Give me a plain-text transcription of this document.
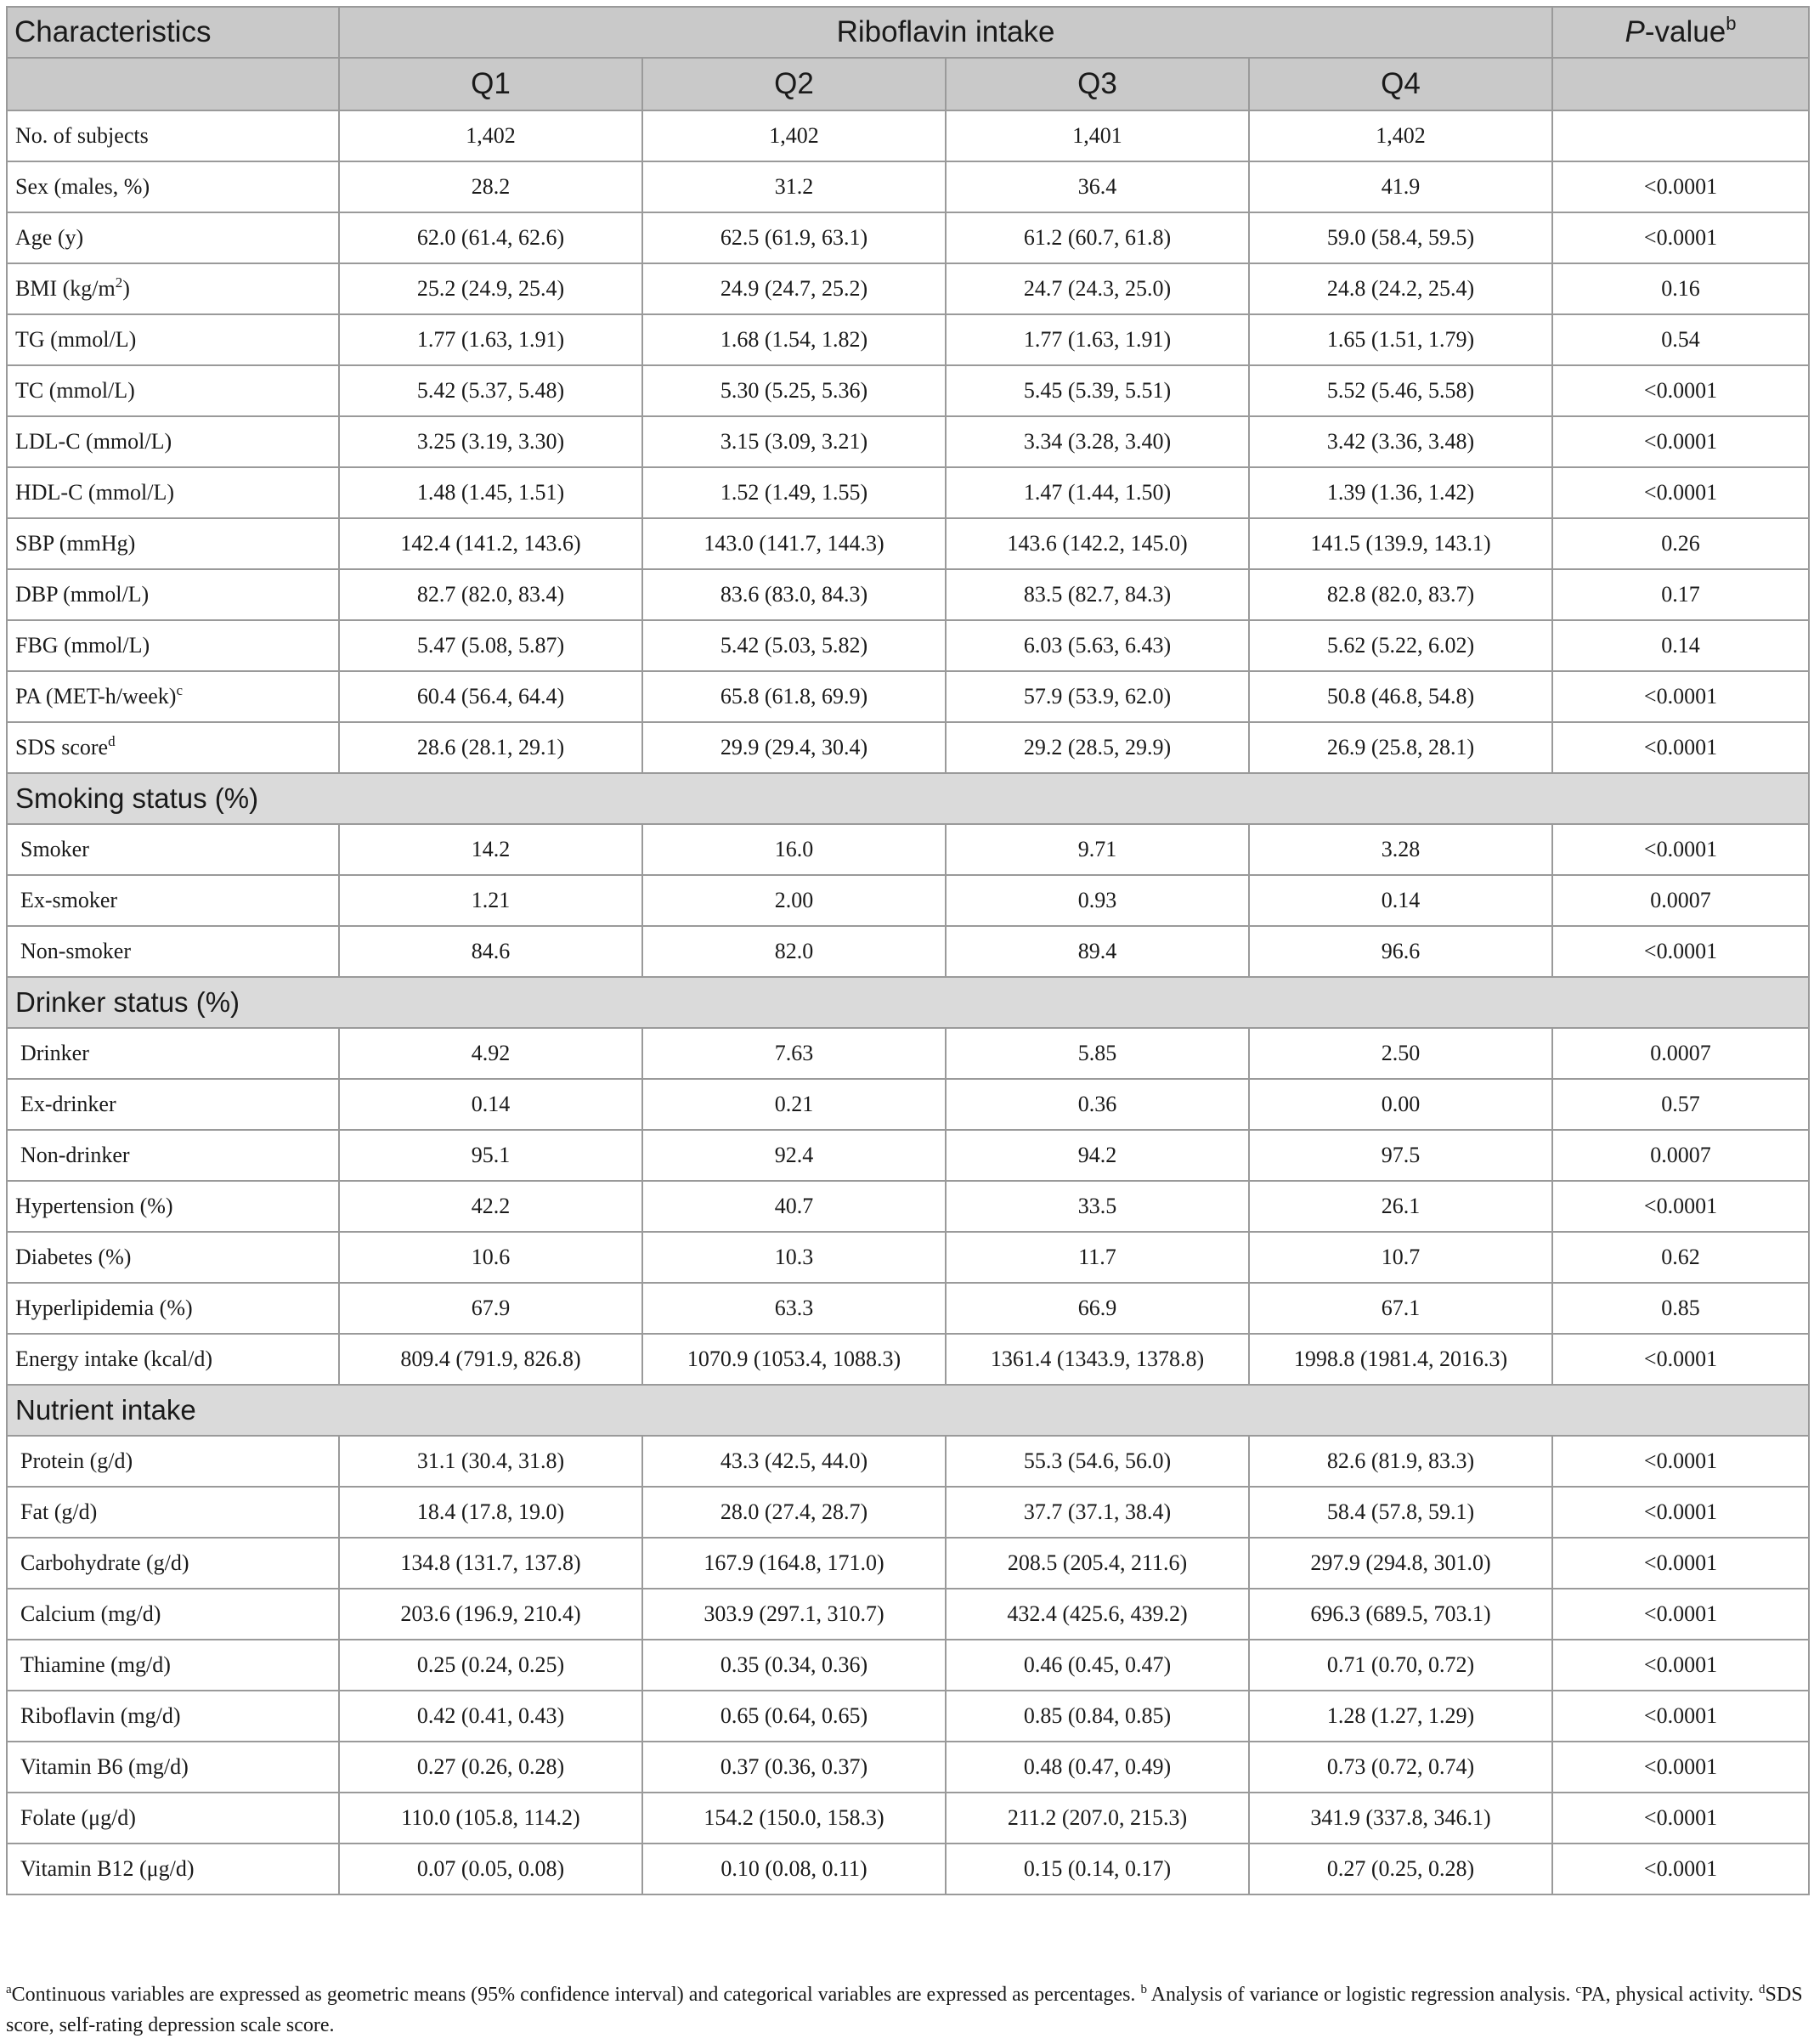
Characteristics	Riboflavin intake				P-value$^b$
	Q1	Q2	Q3	Q4	
No. of subjects	1,402	1,402	1,401	1,402	
Sex (males, %)	28.2	31.2	36.4	41.9	<0.0001
Age (y)	62.0 (61.4, 62.6)	62.5 (61.9, 63.1)	61.2 (60.7, 61.8)	59.0 (58.4, 59.5)	<0.0001
BMI $(kg/m^2)$	25.2 (24.9, 25.4)	24.9 (24.7, 25.2)	24.7 (24.3, 25.0)	24.8 (24.2, 25.4)	0.16
TG (mmol/L)	1.77 (1.63, 1.91)	1.68 (1.54, 1.82)	1.77 (1.63, 1.91)	1.65 (1.51, 1.79)	0.54
TC (mmol/L)	5.42 (5.37, 5.48)	5.30 (5.25, 5.36)	5.45 (5.39, 5.51)	5.52 (5.46, 5.58)	<0.0001
LDL-C (mmol/L)	3.25 (3.19, 3.30)	3.15 (3.09, 3.21)	3.34 (3.28, 3.40)	3.42 (3.36, 3.48)	<0.0001
HDL-C (mmol/L)	1.48 (1.45, 1.51)	1.52 (1.49, 1.55)	1.47 (1.44, 1.50)	1.39 (1.36, 1.42)	<0.0001
SBP (mmHg)	142.4 (141.2, 143.6)	143.0 (141.7, 144.3)	143.6 (142.2, 145.0)	141.5 (139.9, 143.1)	0.26
DBP (mmol/L)	82.7 (82.0, 83.4)	83.6 (83.0, 84.3)	83.5 (82.7, 84.3)	82.8 (82.0, 83.7)	0.17
FBG (mmol/L)	5.47 (5.08, 5.87)	5.42 (5.03, 5.82)	6.03 (5.63, 6.43)	5.62 (5.22, 6.02)	0.14
PA (MET-h/week)$^c$	60.4 (56.4, 64.4)	65.8 (61.8, 69.9)	57.9 (53.9, 62.0)	50.8 (46.8, 54.8)	<0.0001
SDS score$^d$	28.6 (28.1, 29.1)	29.9 (29.4, 30.4)	29.2 (28.5, 29.9)	26.9 (25.8, 28.1)	<0.0001
Smoking status (%)					
Smoker	14.2	16.0	9.71	3.28	<0.0001
Ex-smoker	1.21	2.00	0.93	0.14	0.0007
Non-smoker	84.6	82.0	89.4	96.6	<0.0001
Drinker status (%)					
Drinker	4.92	7.63	5.85	2.50	0.0007
Ex-drinker	0.14	0.21	0.36	0.00	0.57
Non-drinker	95.1	92.4	94.2	97.5	0.0007
Hypertension (%)	42.2	40.7	33.5	26.1	<0.0001
Diabetes (%)	10.6	10.3	11.7	10.7	0.62
Hyperlipidemia (%)	67.9	63.3	66.9	67.1	0.85
Energy intake (kcal/d)	809.4 (791.9, 826.8)	1070.9 (1053.4, 1088.3)	1361.4 (1343.9, 1378.8)	1998.8 (1981.4, 2016.3)	<0.0001
Nutrient intake					
Protein (g/d)	31.1 (30.4, 31.8)	43.3 (42.5, 44.0)	55.3 (54.6, 56.0)	82.6 (81.9, 83.3)	<0.0001
Fat (g/d)	18.4 (17.8, 19.0)	28.0 (27.4, 28.7)	37.7 (37.1, 38.4)	58.4 (57.8, 59.1)	<0.0001
Carbohydrate (g/d)	134.8 (131.7, 137.8)	167.9 (164.8, 171.0)	208.5 (205.4, 211.6)	297.9 (294.8, 301.0)	<0.0001
Calcium (mg/d)	203.6 (196.9, 210.4)	303.9 (297.1, 310.7)	432.4 (425.6, 439.2)	696.3 (689.5, 703.1)	<0.0001
Thiamine (mg/d)	0.25 (0.24, 0.25)	0.35 (0.34, 0.36)	0.46 (0.45, 0.47)	0.71 (0.70, 0.72)	<0.0001
Riboflavin (mg/d)	0.42 (0.41, 0.43)	0.65 (0.64, 0.65)	0.85 (0.84, 0.85)	1.28 (1.27, 1.29)	<0.0001
Vitamin B6 (mg/d)	0.27 (0.26, 0.28)	0.37 (0.36, 0.37)	0.48 (0.47, 0.49)	0.73 (0.72, 0.74)	<0.0001
Folate (μg/d)	110.0 (105.8, 114.2)	154.2 (150.0, 158.3)	211.2 (207.0, 215.3)	341.9 (337.8, 346.1)	<0.0001
Vitamin B12 (μg/d)	0.07 (0.05, 0.08)	0.10 (0.08, 0.11)	0.15 (0.14, 0.17)	0.27 (0.25, 0.28)	<0.0001
$^a$Continuous variables are expressed as geometric means (95% confidence interval) and categorical variables are expressed as percentages. $^b$ Analysis of variance or logistic regression analysis. $^c$PA, physical activity. $^d$SDS score, self-rating depression scale score.
